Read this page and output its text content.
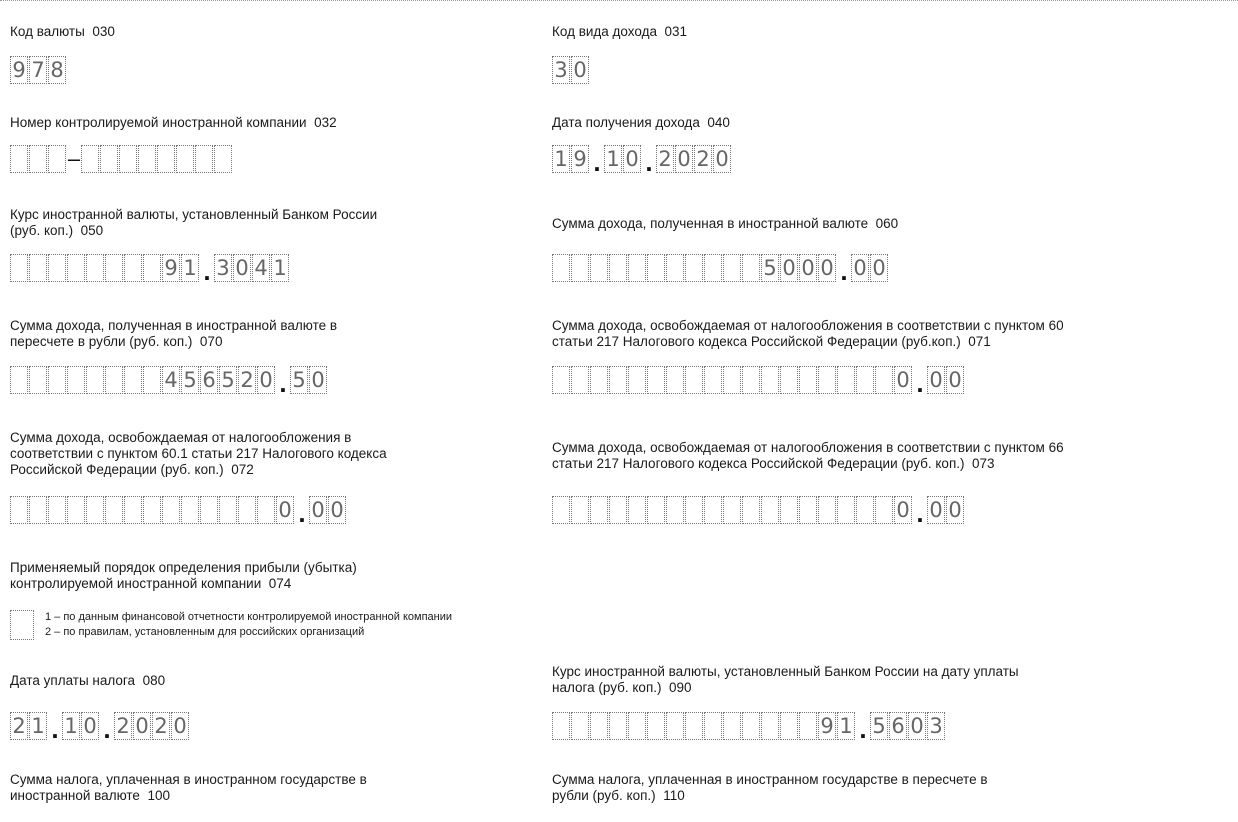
Код валюты 030
9 7 8
Код вида дохода 031
3 0
Номер контролируемой иностранной компании 032
–
Дата получения дохода 040
1 9 . 1 0 . 2 0 2 0
Курс иностранной валюты, установленный Банком России
(руб. коп.) 050
9 1 . 3 0 4 1
Сумма дохода, полученная в иностранной валюте 060
5 0 0 0 . 0 0
Сумма дохода, полученная в иностранной валюте в
пересчете в рубли (руб. коп.) 070
4 5 6 5 2 0 . 5 0
Сумма дохода, освобождаемая от налогообложения в соответствии с пунктом 60
статьи 217 Налогового кодекса Российской Федерации (руб.коп.) 071
0 . 0 0
Сумма дохода, освобождаемая от налогообложения в
соответствии с пунктом 60.1 статьи 217 Налогового кодекса
Российской Федерации (руб. коп.) 072
0 . 0 0
Сумма дохода, освобождаемая от налогообложения в соответствии с пунктом 66
статьи 217 Налогового кодекса Российской Федерации (руб. коп.) 073
0 . 0 0
Применяемый порядок определения прибыли (убытка)
контролируемой иностранной компании 074
1 – по данным финансовой отчетности контролируемой иностранной компании
2 – по правилам, установленным для российских организаций
Дата уплаты налога 080
2 1 . 1 0 . 2 0 2 0
Курс иностранной валюты, установленный Банком России на дату уплаты
налога (руб. коп.) 090
9 1 . 5 6 0 3
Сумма налога, уплаченная в иностранном государстве в
иностранной валюте 100
Сумма налога, уплаченная в иностранном государстве в пересчете в
рубли (руб. коп.) 110
